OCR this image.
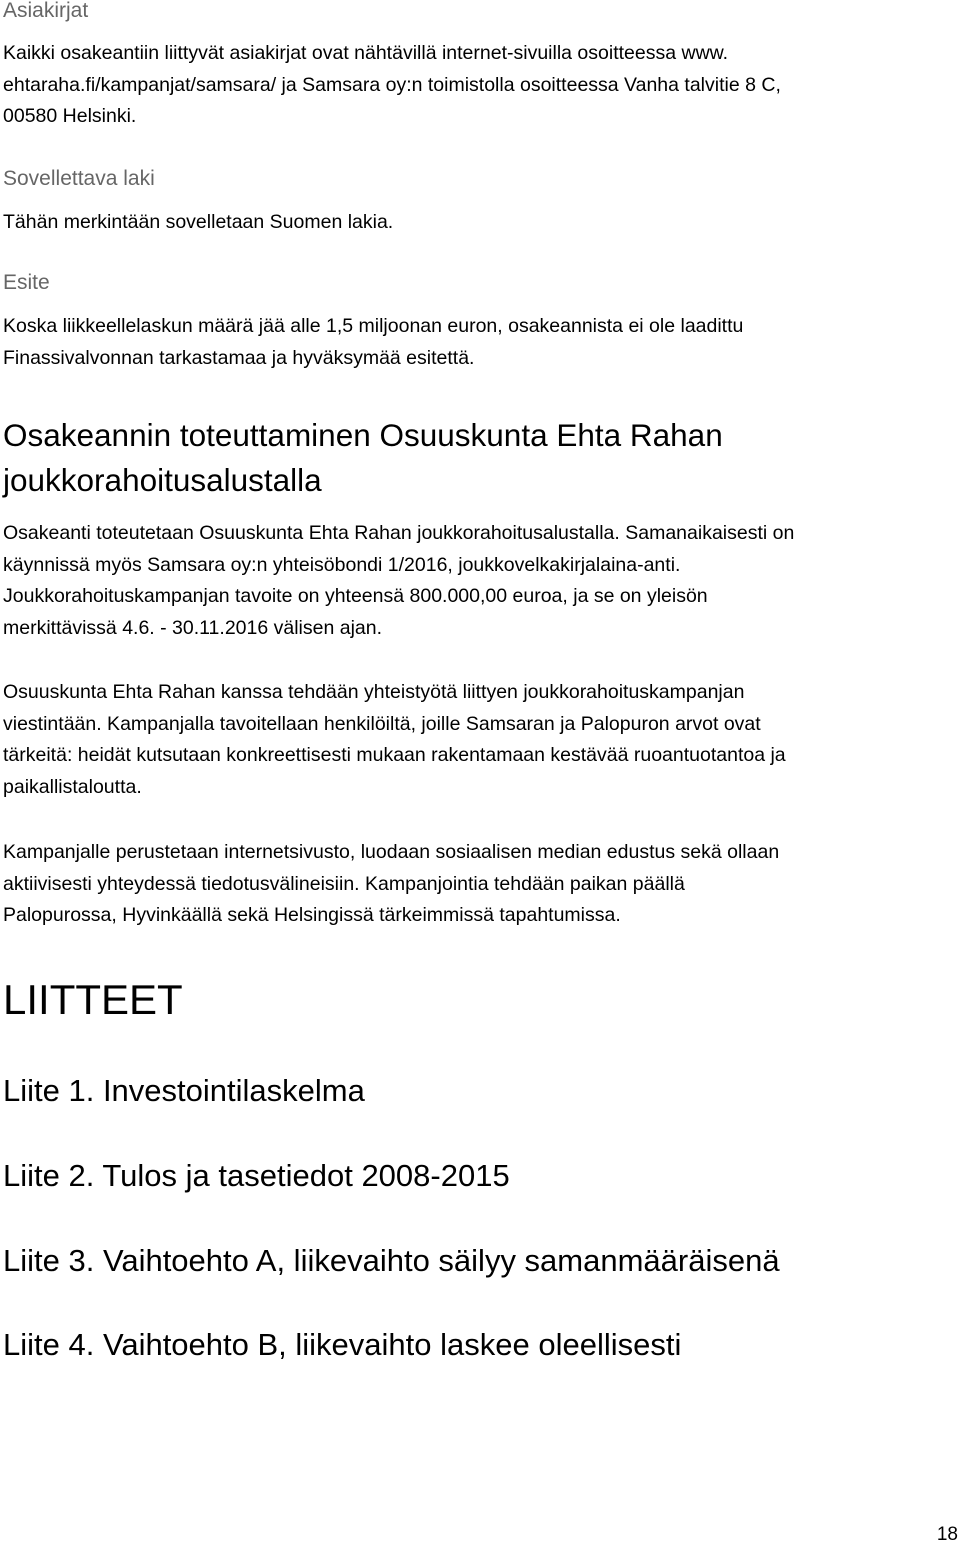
Asiakirjat

Kaikki osakeantiin liittyvät asiakirjat ovat nähtävillä internet-sivuilla osoitteessa www.
ehtaraha.fi/kampanjat/samsara/ ja Samsara oy:n toimistolla osoitteessa Vanha talvitie 8 C,
00580 Helsinki.

Sovellettava laki

Tähän merkintään sovelletaan Suomen lakia.

Esite

Koska liikkeellelaskun määrä jää alle 1,5 miljoonan euron, osakeannista ei ole laadittu
Finassivalvonnan tarkastamaa ja hyväksymää esitettä.

Osakeannin toteuttaminen Osuuskunta Ehta Rahan
joukkorahoitusalustalla

Osakeanti toteutetaan Osuuskunta Ehta Rahan joukkorahoitusalustalla. Samanaikaisesti on
käynnissä myös Samsara oy:n yhteisöbondi 1/2016, joukkovelkakirjalaina-anti.
Joukkorahoituskampanjan tavoite on yhteensä 800.000,00 euroa, ja se on yleisön
merkittävissä 4.6. - 30.11.2016 välisen ajan.

Osuuskunta Ehta Rahan kanssa tehdään yhteistyötä liittyen joukkorahoituskampanjan
viestintään. Kampanjalla tavoitellaan henkilöiltä, joille Samsaran ja Palopuron arvot ovat
tärkeitä: heidät kutsutaan konkreettisesti mukaan rakentamaan kestävää ruoantuotantoa ja
paikallistaloutta.

Kampanjalle perustetaan internetsivusto, luodaan sosiaalisen median edustus sekä ollaan
aktiivisesti yhteydessä tiedotusvälineisiin. Kampanjointia tehdään paikan päällä
Palopurossa, Hyvinkäällä sekä Helsingissä tärkeimmissä tapahtumissa.

LIITTEET
Liite 1. Investointilaskelma
Liite 2. Tulos ja tasetiedot 2008-2015
Liite 3. Vaihtoehto A, liikevaihto säilyy samanmääräisenä
Liite 4. Vaihtoehto B, liikevaihto laskee oleellisesti
18
